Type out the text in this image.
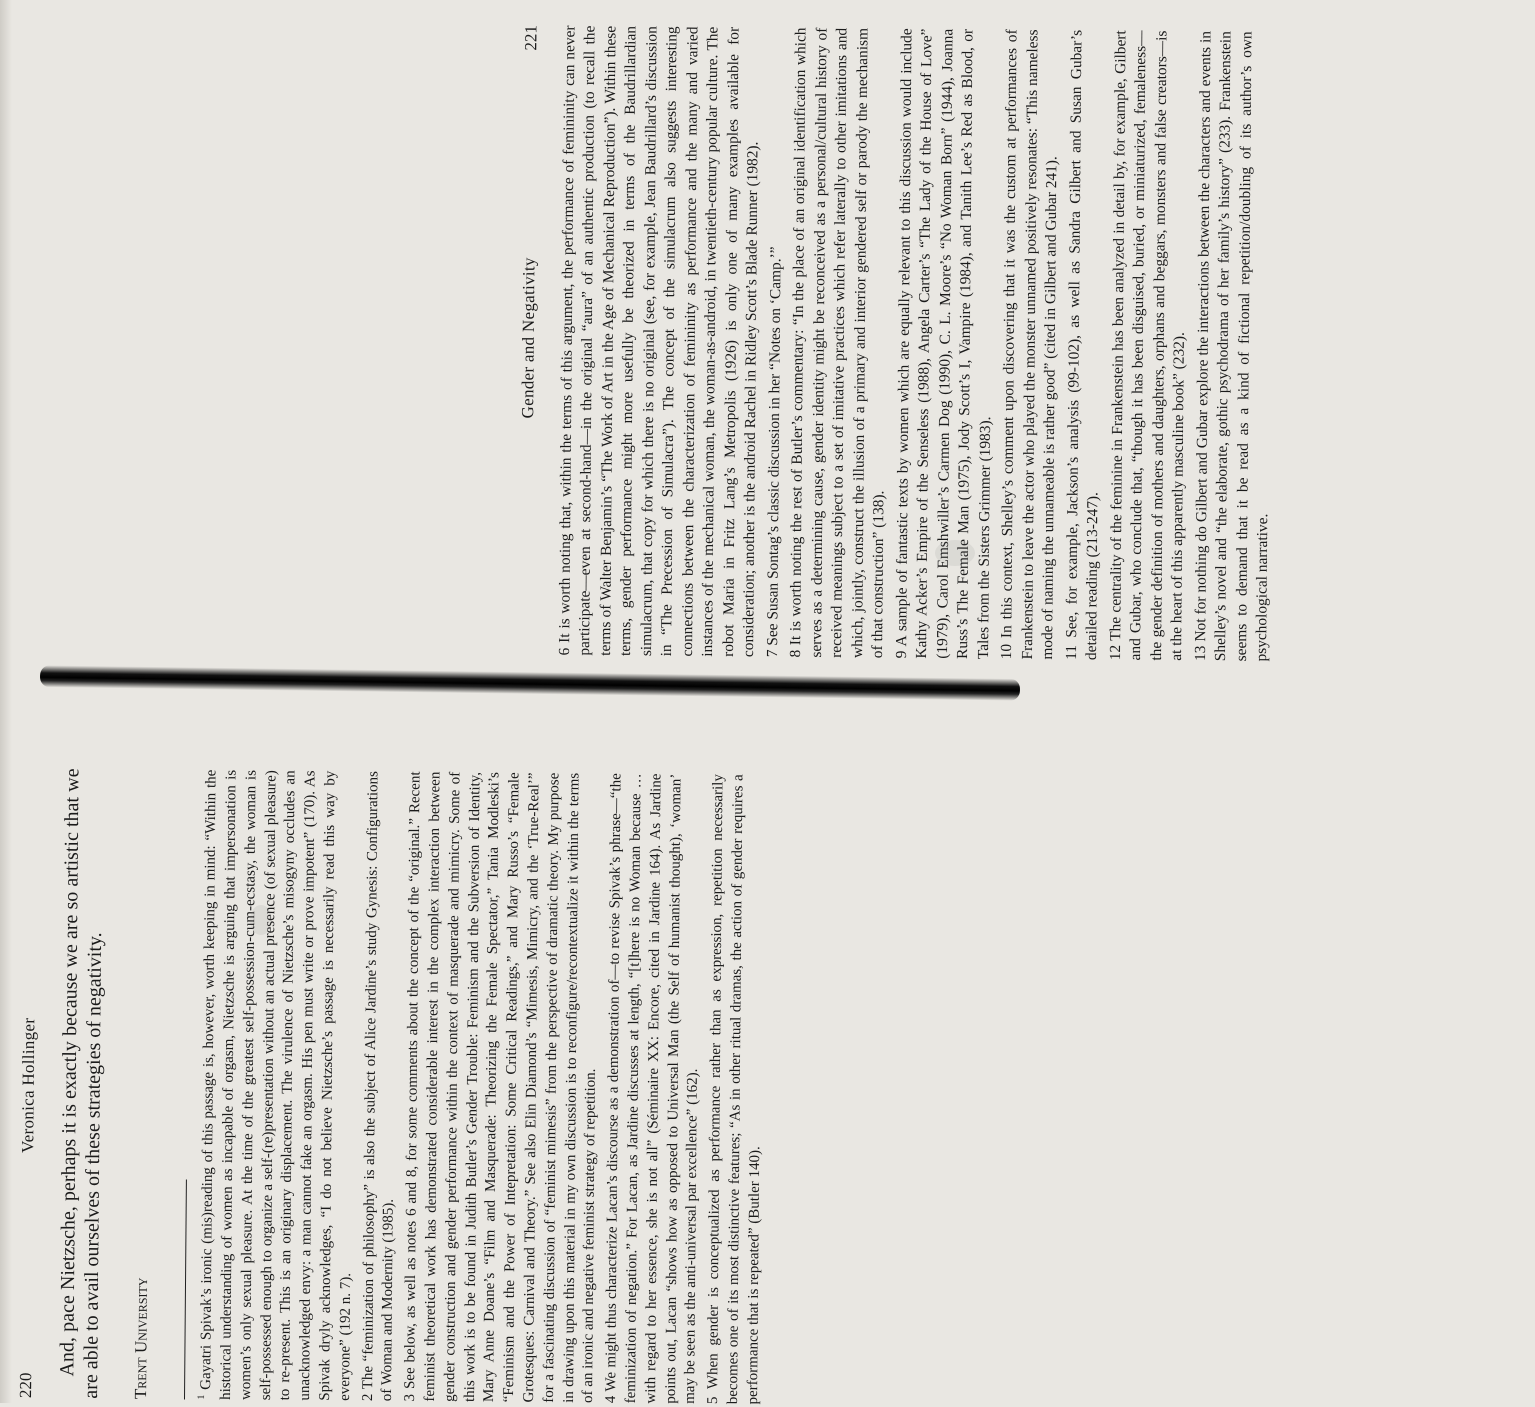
220
Veronica Hollinger And, pace Nietzsche, perhaps it is exactly because we are so artistic that we are able to avail ourselves of these strategies of negativity. Trent University	$^1$ Gayatri Spivak’s ironic (mis)reading of this passage is, however, worth keeping in mind: “Within the historical understanding of women as incapable of orgasm, Nietzsche is arguing that impersonation is women’s only sexual pleasure. At the time of the greatest self-possession-cum-ecstasy, the woman is self-possessed enough to organize a self-(re)presentation without an actual presence (of sexual pleasure) to re-present. This is an originary displacement. The virulence of Nietzsche’s misogyny occludes an unacknowledged envy: a man cannot fake an orgasm. His pen must write or prove impotent” (170). As Spivak dryly acknowledges, “I do not believe Nietzsche’s passage is necessarily read this way by everyone” (192 n. 7). 2 The “feminization of philosophy” is also the subject of Alice Jardine’s study Gynesis: Configurations of Woman and Modernity (1985). 3 See below, as well as notes 6 and 8, for some comments about the concept of the “original.” Recent feminist theoretical work has demonstrated considerable interest in the complex interaction between gender construction and gender performance within the context of masquerade and mimicry. Some of this work is to be found in Judith Butler’s Gender Trouble: Feminism and the Subversion of Identity, Mary Anne Doane’s “Film and Masquerade: Theorizing the Female Spectator,” Tania Modleski’s “Feminism and the Power of Intepretation: Some Critical Readings,” and Mary Russo’s “Female Grotesques: Carnival and Theory.” See also Elin Diamond’s “Mimesis, Mimicry, and the ‘True-Real’” for a fascinating discussion of “feminist mimesis” from the perspective of dramatic theory. My purpose in drawing upon this material in my own discussion is to reconfigure/recontextualize it within the terms of an ironic and negative feminist strategy of repetition. 4 We might thus characterize Lacan’s discourse as a demonstration of—to revise Spivak’s phrase—“the feminization of negation.” For Lacan, as Jardine discusses at length, “[t]here is no Woman because … with regard to her essence, she is not all” (Séminaire XX: Encore, cited in Jardine 164). As Jardine points out, Lacan “shows how as opposed to Universal Man (the Self of humanist thought), ‘woman’ may be seen as the anti-universal par excellence” (162). 5 When gender is conceptualized as performance rather than as expression, repetition necessarily becomes one of its most distinctive features; “As in other ritual dramas, the action of gender requires a performance that is repeated” (Butler 140).

Gender and Negativity
221

6 It is worth noting that, within the terms of this argument, the performance of femininity can never participate—even at second-hand—in the original “aura” of an authentic production (to recall the terms of Walter Benjamin’s “The Work of Art in the Age of Mechanical Reproduction”). Within these terms, gender performance might more usefully be theorized in terms of the Baudrillardian simulacrum, that copy for which there is no original (see, for example, Jean Baudrillard’s discussion in “The Precession of Simulacra”). The concept of the simulacrum also suggests interesting connections between the characterization of femininity as performance and the many and varied instances of the mechanical woman, the woman-as-android, in twentieth-century popular culture. The robot Maria in Fritz Lang’s Metropolis (1926) is only one of many examples available for consideration; another is the android Rachel in Ridley Scott’s Blade Runner (1982). 7 See Susan Sontag’s classic discussion in her “Notes on ‘Camp.’”

8 It is worth noting the rest of Butler’s commentary: “In the place of an original identification which serves as a determining cause, gender identity might be reconceived as a personal/cultural history of received meanings subject to a set of imitative practices which refer laterally to other imitations and which, jointly, construct the illusion of a primary and interior gendered self or parody the mechanism of that construction” (138). 9 A sample of fantastic texts by women which are equally relevant to this discussion would include Kathy Acker’s Empire of the Senseless (1988), Angela Carter’s “The Lady of the House of Love” (1979), Carol Emshwiller’s Carmen Dog (1990), C. L. Moore’s “No Woman Born” (1944), Joanna Russ’s The Female Man (1975), Jody Scott’s I, Vampire (1984), and Tanith Lee’s Red as Blood, or Tales from the Sisters Grimmer (1983). 10 In this context, Shelley’s comment upon discovering that it was the custom at performances of Frankenstein to leave the actor who played the monster unnamed positively resonates: “This nameless mode of naming the unnameable is rather good” (cited in Gilbert and Gubar 241). 11 See, for example, Jackson’s analysis (99-102), as well as Sandra Gilbert and Susan Gubar’s detailed reading (213-247). 12 The centrality of the feminine in Frankenstein has been analyzed in detail by, for example, Gilbert and Gubar, who conclude that, “though it has been disguised, buried, or miniaturized, femaleness—the gender definition of mothers and daughters, orphans and beggars, monsters and false creators—is at the heart of this apparently masculine book” (232). 13 Not for nothing do Gilbert and Gubar explore the interactions between the characters and events in Shelley’s novel and “the elaborate, gothic psychodrama of her family’s history” (233). Frankenstein seems to demand that it be read as a kind of fictional repetition/doubling of its author’s own psychological narrative.
